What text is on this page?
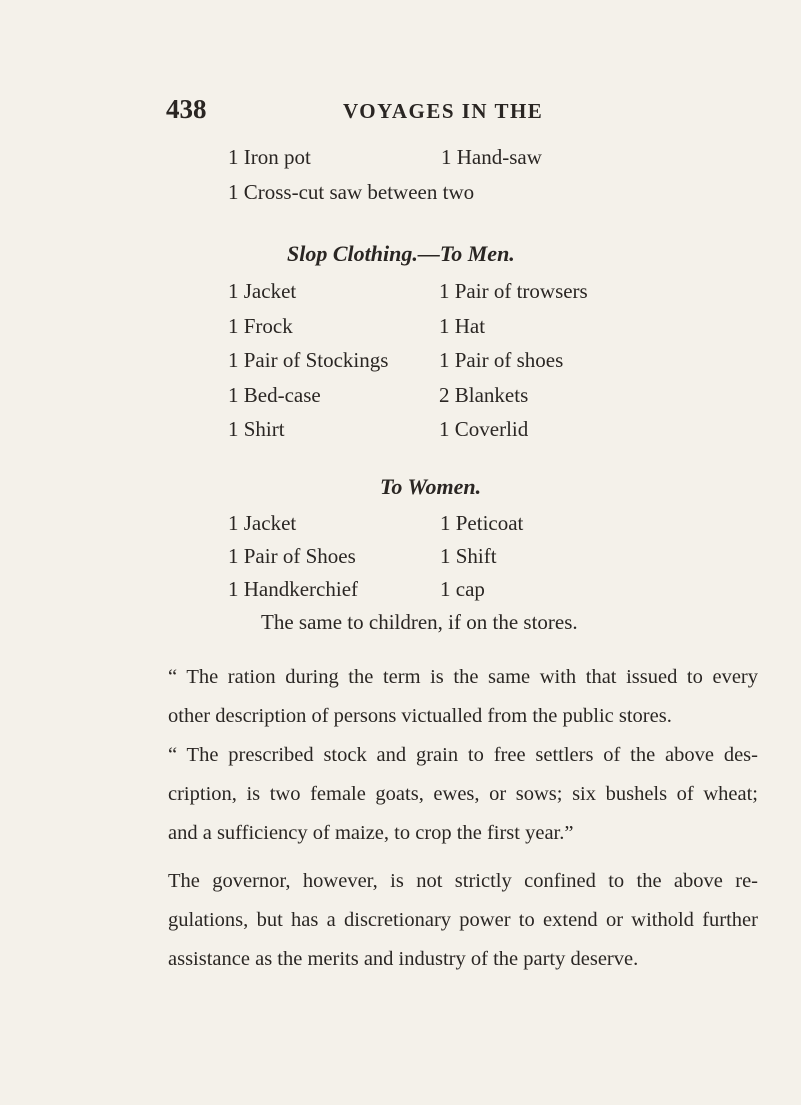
438	VOYAGES IN THE
1 Iron pot	1 Hand-saw
1 Cross-cut saw between two
Slop Clothing.—To Men.
1 Jacket
1 Frock
1 Pair of Stockings
1 Bed-case
1 Shirt
1 Pair of trowsers
1 Hat
1 Pair of shoes
2 Blankets
1 Coverlid
To Women.
1 Jacket
1 Pair of Shoes
1 Handkerchief
1 Peticoat
1 Shift
1 cap
The same to children, if on the stores.
“ The ration during the term is the same with that issued to every
other description of persons victualled from the public stores.
“ The prescribed stock and grain to free settlers of the above des-
cription, is two female goats, ewes, or sows; six bushels of wheat;
and a sufficiency of maize, to crop the first year.”
The governor, however, is not strictly confined to the above re-
gulations, but has a discretionary power to extend or withold further
assistance as the merits and industry of the party deserve.
